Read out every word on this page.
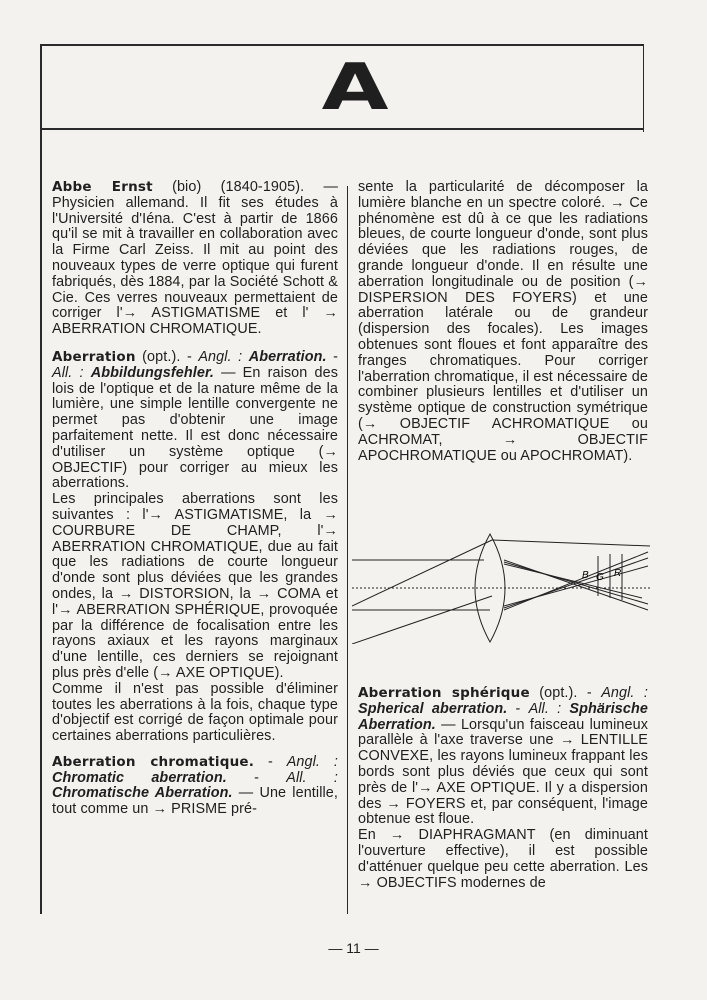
A

Abbe Ernst (bio) (1840-1905). — Physicien allemand. Il fit ses études à l'Université d'Iéna. C'est à partir de 1866 qu'il se mit à travailler en collaboration avec la Firme Carl Zeiss. Il mit au point des nouveaux types de verre optique qui furent fabriqués, dès 1884, par la Société Schott & Cie. Ces verres nouveaux permettaient de corriger l'→ ASTIGMATISME et l' → ABERRATION CHROMATIQUE.

Aberration (opt.). - Angl. : Aberration. - All. : Abbildungsfehler. — En raison des lois de l'optique et de la nature même de la lumière, une simple lentille convergente ne permet pas d'obtenir une image parfaitement nette. Il est donc nécessaire d'utiliser un système optique (→ OBJECTIF) pour corriger au mieux les aberrations.

Les principales aberrations sont les suivantes : l'→ ASTIGMATISME, la → COURBURE DE CHAMP, l'→ ABERRATION CHROMATIQUE, due au fait que les radiations de courte longueur d'onde sont plus déviées que les grandes ondes, la → DISTORSION, la → COMA et l'→ ABERRATION SPHÉRIQUE, provoquée par la différence de focalisation entre les rayons axiaux et les rayons marginaux d'une lentille, ces derniers se rejoignant plus près d'elle (→ AXE OPTIQUE).

Comme il n'est pas possible d'éliminer toutes les aberrations à la fois, chaque type d'objectif est corrigé de façon optimale pour certaines aberrations particulières.

Aberration chromatique. - Angl. : Chromatic aberration. - All. : Chromatische Aberration. — Une lentille, tout comme un → PRISME pré-

sente la particularité de décomposer la lumière blanche en un spectre coloré. → Ce phénomène est dû à ce que les radiations bleues, de courte longueur d'onde, sont plus déviées que les radiations rouges, de grande longueur d'onde. Il en résulte une aberration longitudinale ou de position (→ DISPERSION DES FOYERS) et une aberration latérale ou de grandeur (dispersion des focales). Les images obtenues sont floues et font apparaître des franges chromatiques. Pour corriger l'aberration chromatique, il est nécessaire de combiner plusieurs lentilles et d'utiliser un système optique de construction symétrique (→ OBJECTIF ACHROMATIQUE ou ACHROMAT, → OBJECTIF APOCHROMATIQUE ou APOCHROMAT).

B G R

Aberration sphérique (opt.). - Angl. : Spherical aberration. - All. : Sphärische Aberration. — Lorsqu'un faisceau lumineux parallèle à l'axe traverse une → LENTILLE CONVEXE, les rayons lumineux frappant les bords sont plus déviés que ceux qui sont près de l'→ AXE OPTIQUE. Il y a dispersion des → FOYERS et, par conséquent, l'image obtenue est floue.

En → DIAPHRAGMANT (en diminuant l'ouverture effective), il est possible d'atténuer quelque peu cette aberration. Les → OBJECTIFS modernes de

— 11 —
